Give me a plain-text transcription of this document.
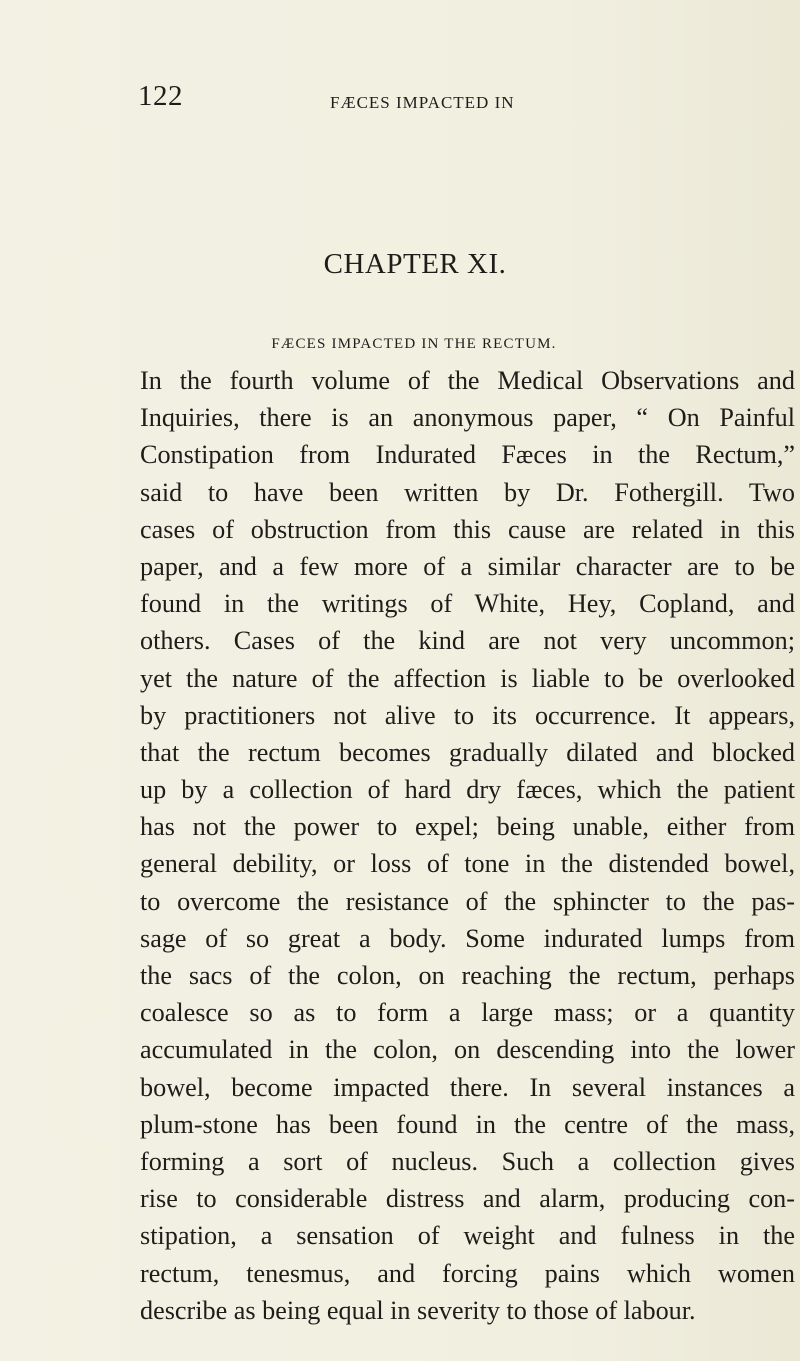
122	FÆCES IMPACTED IN
CHAPTER XI.
FÆCES IMPACTED IN THE RECTUM.
In the fourth volume of the Medical Observations and
Inquiries, there is an anonymous paper, “ On Painful
Constipation from Indurated Fæces in the Rectum,”
said to have been written by Dr. Fothergill. Two
cases of obstruction from this cause are related in this
paper, and a few more of a similar character are to be
found in the writings of White, Hey, Copland, and
others. Cases of the kind are not very uncommon;
yet the nature of the affection is liable to be overlooked
by practitioners not alive to its occurrence. It appears,
that the rectum becomes gradually dilated and blocked
up by a collection of hard dry fæces, which the patient
has not the power to expel; being unable, either from
general debility, or loss of tone in the distended bowel,
to overcome the resistance of the sphincter to the pas-
sage of so great a body. Some indurated lumps from
the sacs of the colon, on reaching the rectum, perhaps
coalesce so as to form a large mass; or a quantity
accumulated in the colon, on descending into the lower
bowel, become impacted there. In several instances a
plum-stone has been found in the centre of the mass,
forming a sort of nucleus. Such a collection gives
rise to considerable distress and alarm, producing con-
stipation, a sensation of weight and fulness in the
rectum, tenesmus, and forcing pains which women
describe as being equal in severity to those of labour.
